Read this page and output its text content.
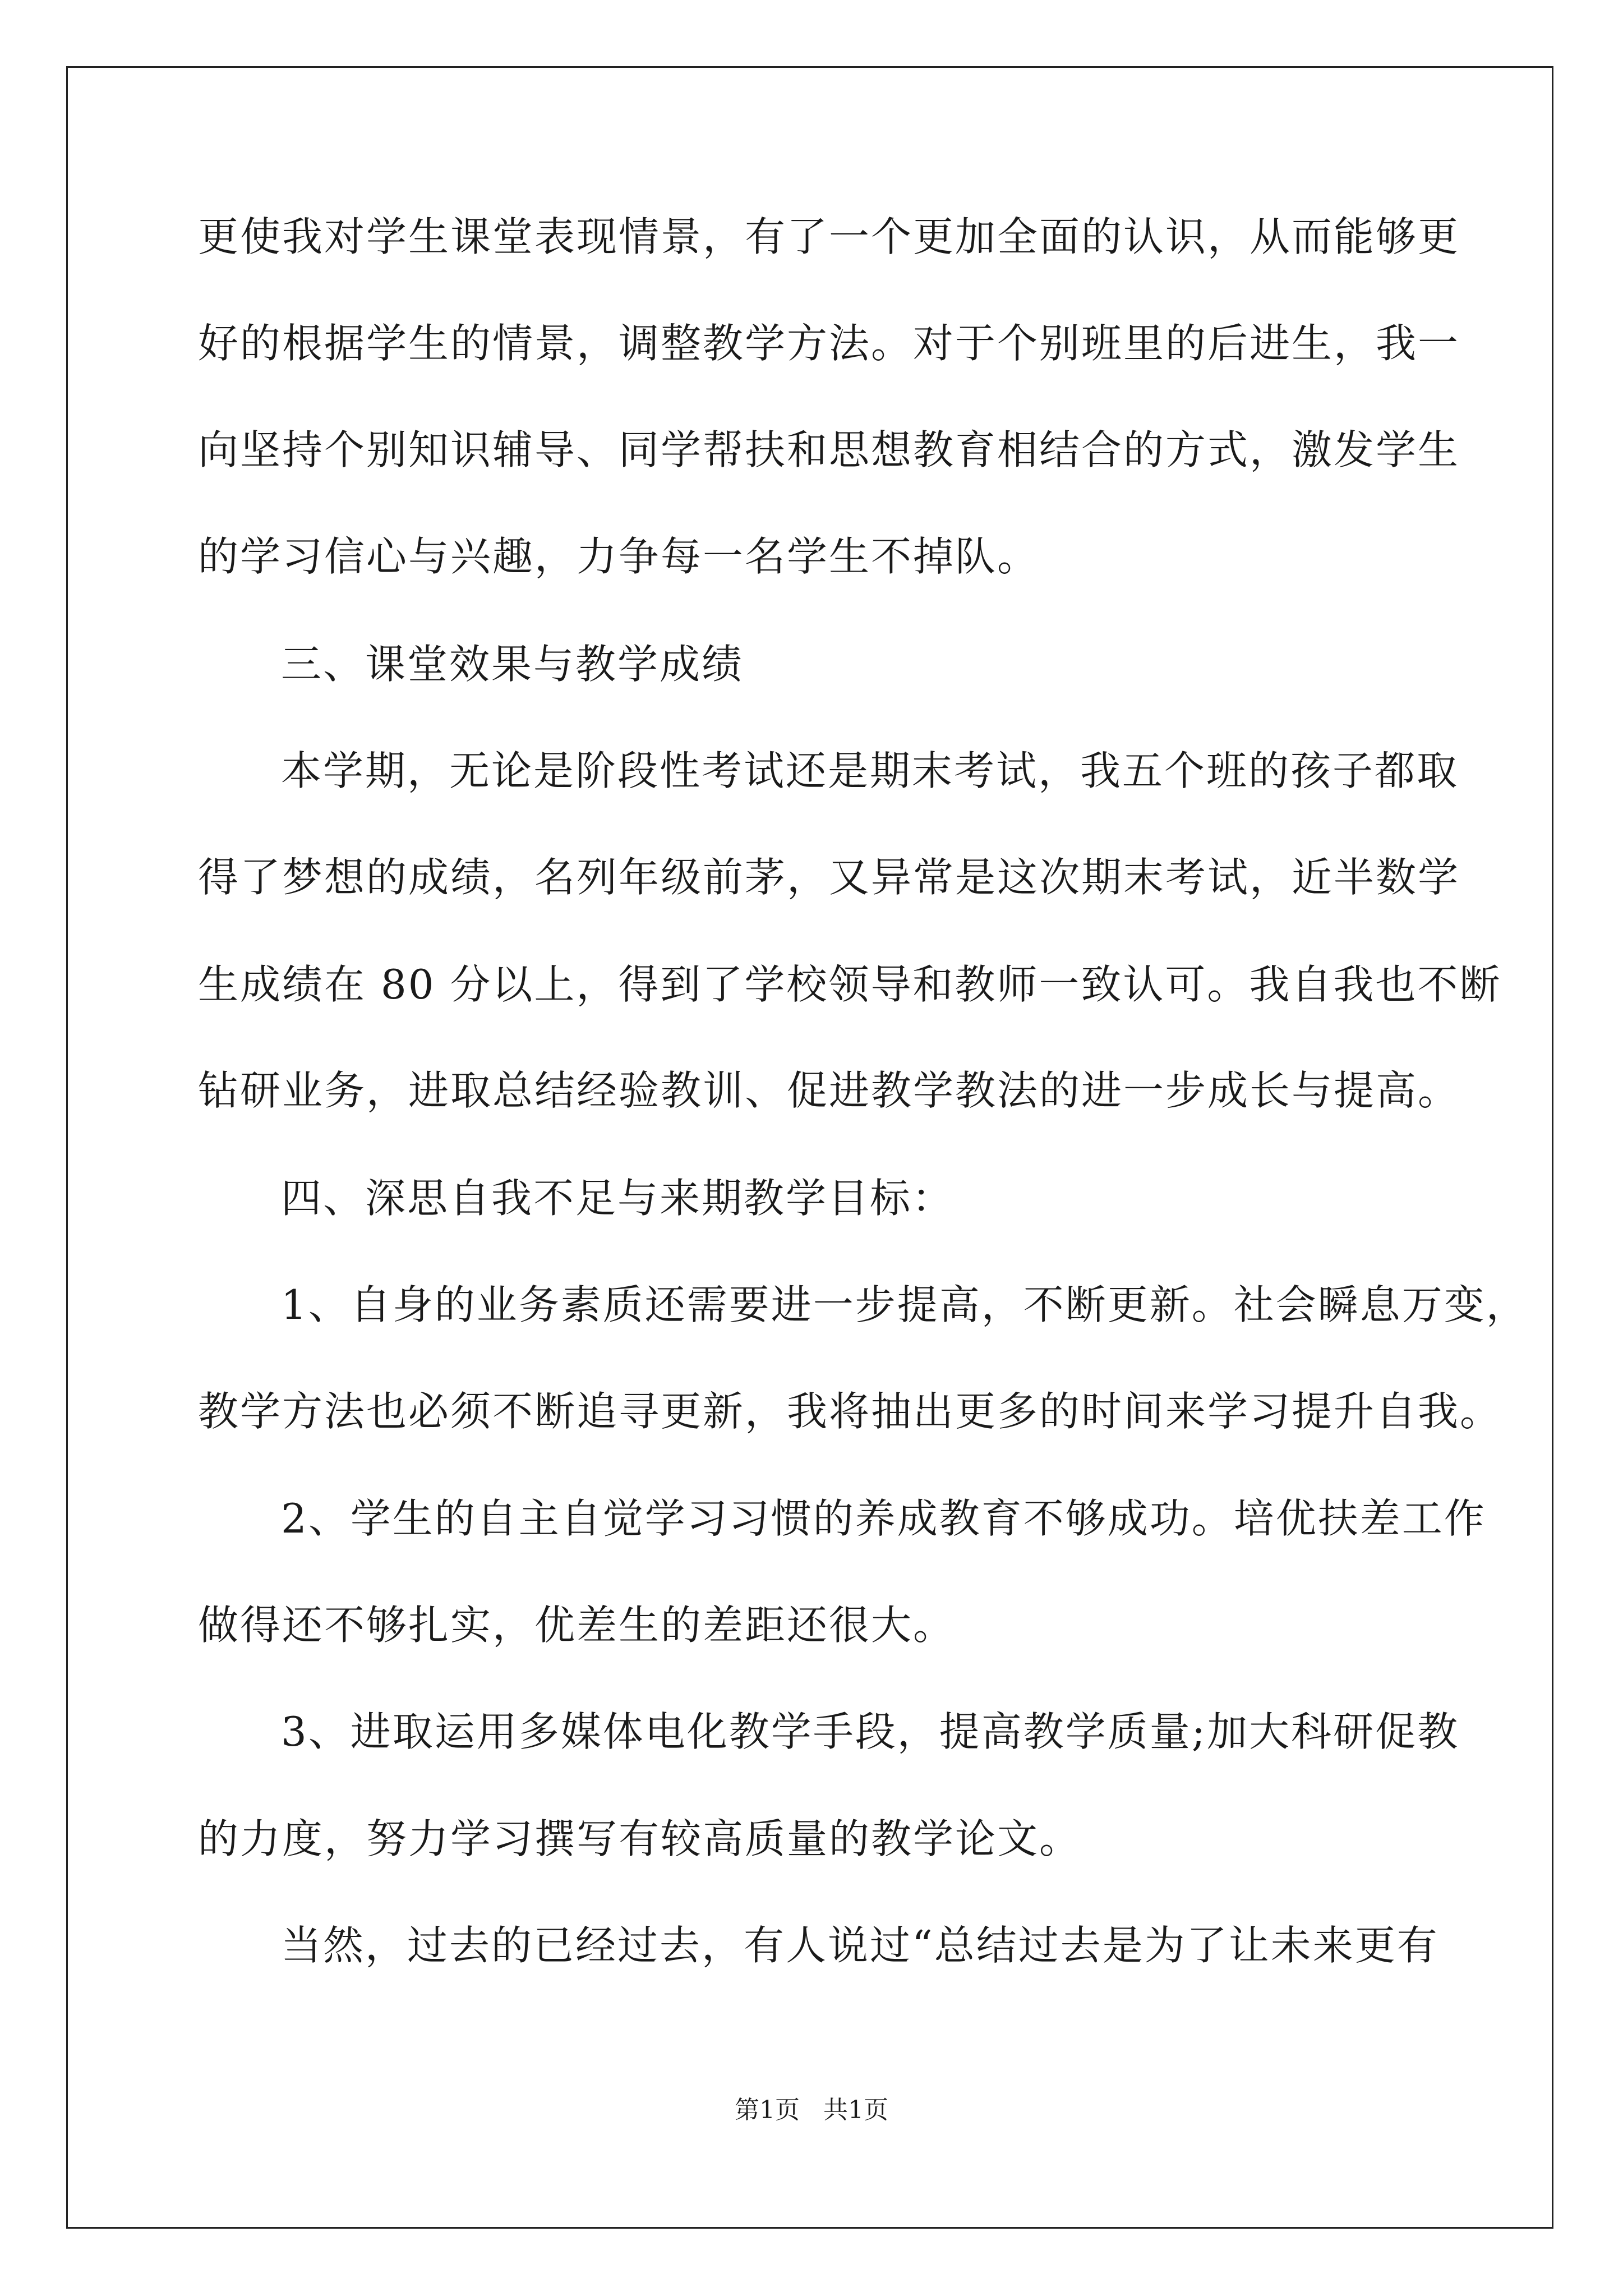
更使我对学生课堂表现情景，有了一个更加全面的认识，从而能够更
好的根据学生的情景，调整教学方法。对于个别班里的后进生，我一
向坚持个别知识辅导、同学帮扶和思想教育相结合的方式，激发学生
的学习信心与兴趣，力争每一名学生不掉队。
三、课堂效果与教学成绩
本学期，无论是阶段性考试还是期末考试，我五个班的孩子都取
得了梦想的成绩，名列年级前茅，又异常是这次期末考试，近半数学
生成绩在 80 分以上，得到了学校领导和教师一致认可。我自我也不断
钻研业务，进取总结经验教训、促进教学教法的进一步成长与提高。
四、深思自我不足与来期教学目标：
1、自身的业务素质还需要进一步提高，不断更新。社会瞬息万变，
教学方法也必须不断追寻更新，我将抽出更多的时间来学习提升自我。
2、学生的自主自觉学习习惯的养成教育不够成功。培优扶差工作
做得还不够扎实，优差生的差距还很大。
3、进取运用多媒体电化教学手段，提高教学质量;加大科研促教
的力度，努力学习撰写有较高质量的教学论文。
当然，过去的已经过去，有人说过“总结过去是为了让未来更有
第1页   共1页
